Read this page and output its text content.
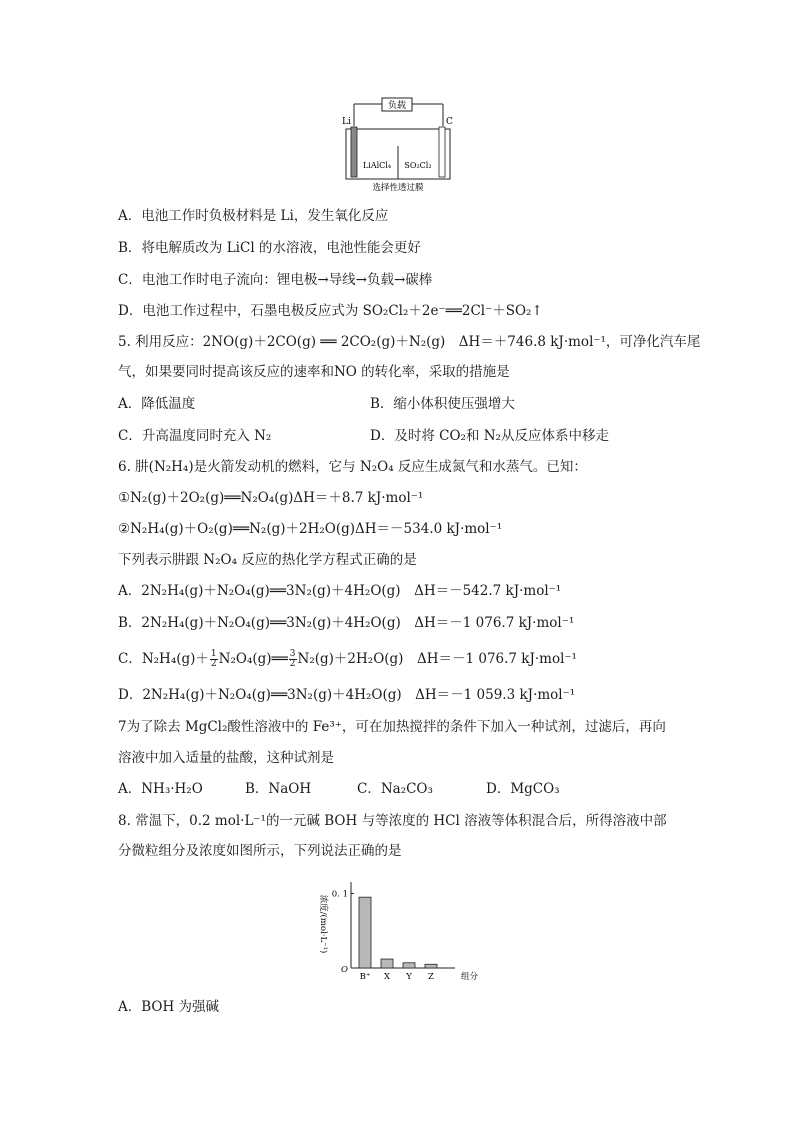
负载
Li	C
LiAlCl₄ SO₂Cl₂
选择性透过膜
A．电池工作时负极材料是 Li，发生氧化反应
B．将电解质改为 LiCl 的水溶液，电池性能会更好
C．电池工作时电子流向：锂电极→导线→负载→碳棒
D．电池工作过程中，石墨电极反应式为 SO₂Cl₂＋2e⁻══2Cl⁻＋SO₂↑
5. 利用反应：2NO(g)＋2CO(g) ══ 2CO₂(g)＋N₂(g)　ΔH＝＋746.8 kJ·mol⁻¹，可净化汽车尾
气，如果要同时提高该反应的速率和NO 的转化率，采取的措施是
A．降低温度	B．缩小体积使压强增大
C．升高温度同时充入 N₂	D．及时将 CO₂和 N₂从反应体系中移走
6. 肼(N₂H₄)是火箭发动机的燃料，它与 N₂O₄ 反应生成氮气和水蒸气。已知：
①N₂(g)＋2O₂(g)══N₂O₄(g)ΔH＝＋8.7 kJ·mol⁻¹
②N₂H₄(g)＋O₂(g)══N₂(g)＋2H₂O(g)ΔH＝－534.0 kJ·mol⁻¹
下列表示肼跟 N₂O₄ 反应的热化学方程式正确的是
A．2N₂H₄(g)＋N₂O₄(g)══3N₂(g)＋4H₂O(g)　ΔH＝－542.7 kJ·mol⁻¹
B．2N₂H₄(g)＋N₂O₄(g)══3N₂(g)＋4H₂O(g)　ΔH＝－1 076.7 kJ·mol⁻¹
C．$N_2H_4(g)+ \frac{1}{2}$ N₂O₄(g)══ $\frac{3}{2} N_2(g)+2H_2O(g)$　ΔH＝－1 076.7 kJ·mol⁻¹
D．2N₂H₄(g)＋N₂O₄(g)══3N₂(g)＋4H₂O(g)　ΔH＝－1 059.3 kJ·mol⁻¹
7为了除去 MgCl₂酸性溶液中的 Fe³⁺，可在加热搅拌的条件下加入一种试剂，过滤后，再向
溶液中加入适量的盐酸，这种试剂是
A．NH₃·H₂O	B．NaOH	C．Na₂CO₃	D．MgCO₃
8. 常温下，0.2 mol·L⁻¹的一元碱 BOH 与等浓度的 HCl 溶液等体积混合后，所得溶液中部
分微粒组分及浓度如图所示，下列说法正确的是
0. 1
O
浓度/(mol·L⁻¹)
组分
B⁺ X Y Z
A．BOH 为强碱
